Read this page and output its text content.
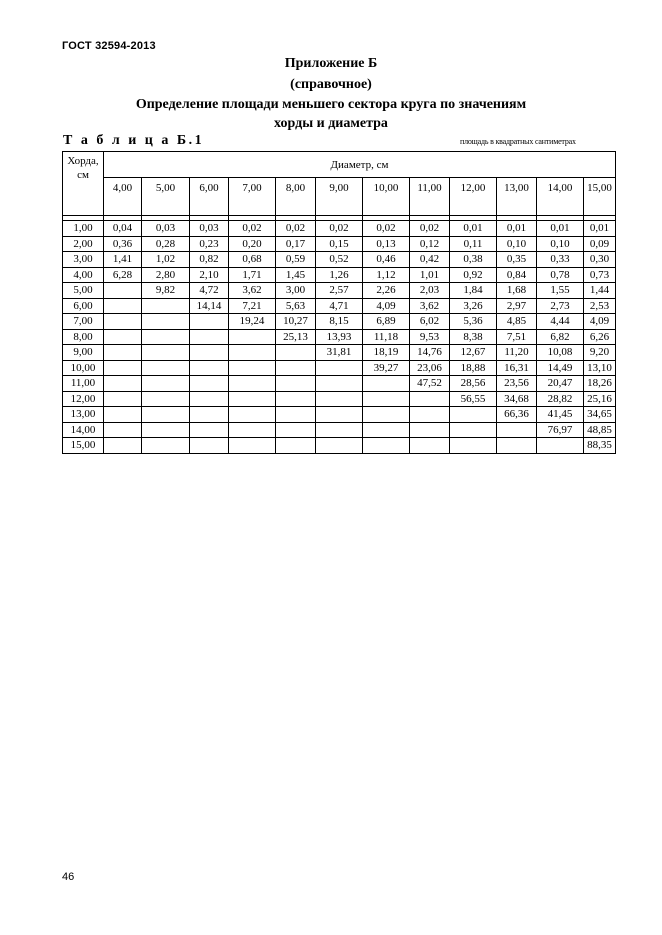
ГОСТ 32594-2013
Приложение Б
(справочное)
Определение площади меньшего сектора круга по значениям
хорды и диаметра
Т а б л и ц а Б.1	площадь в квадратных сантиметрах
Хорда,
см	Диаметр, см											
	4,00	5,00	6,00	7,00	8,00	9,00	10,00	11,00	12,00	13,00	14,00	15,00

1,00	0,04	0,03	0,03	0,02	0,02	0,02	0,02	0,02	0,01	0,01	0,01	0,01
2,00	0,36	0,28	0,23	0,20	0,17	0,15	0,13	0,12	0,11	0,10	0,10	0,09
3,00	1,41	1,02	0,82	0,68	0,59	0,52	0,46	0,42	0,38	0,35	0,33	0,30
4,00	6,28	2,80	2,10	1,71	1,45	1,26	1,12	1,01	0,92	0,84	0,78	0,73
5,00		9,82	4,72	3,62	3,00	2,57	2,26	2,03	1,84	1,68	1,55	1,44
6,00			14,14	7,21	5,63	4,71	4,09	3,62	3,26	2,97	2,73	2,53
7,00				19,24	10,27	8,15	6,89	6,02	5,36	4,85	4,44	4,09
8,00					25,13	13,93	11,18	9,53	8,38	7,51	6,82	6,26
9,00						31,81	18,19	14,76	12,67	11,20	10,08	9,20
10,00							39,27	23,06	18,88	16,31	14,49	13,10
11,00								47,52	28,56	23,56	20,47	18,26
12,00									56,55	34,68	28,82	25,16
13,00										66,36	41,45	34,65
14,00											76,97	48,85
15,00												88,35
46
